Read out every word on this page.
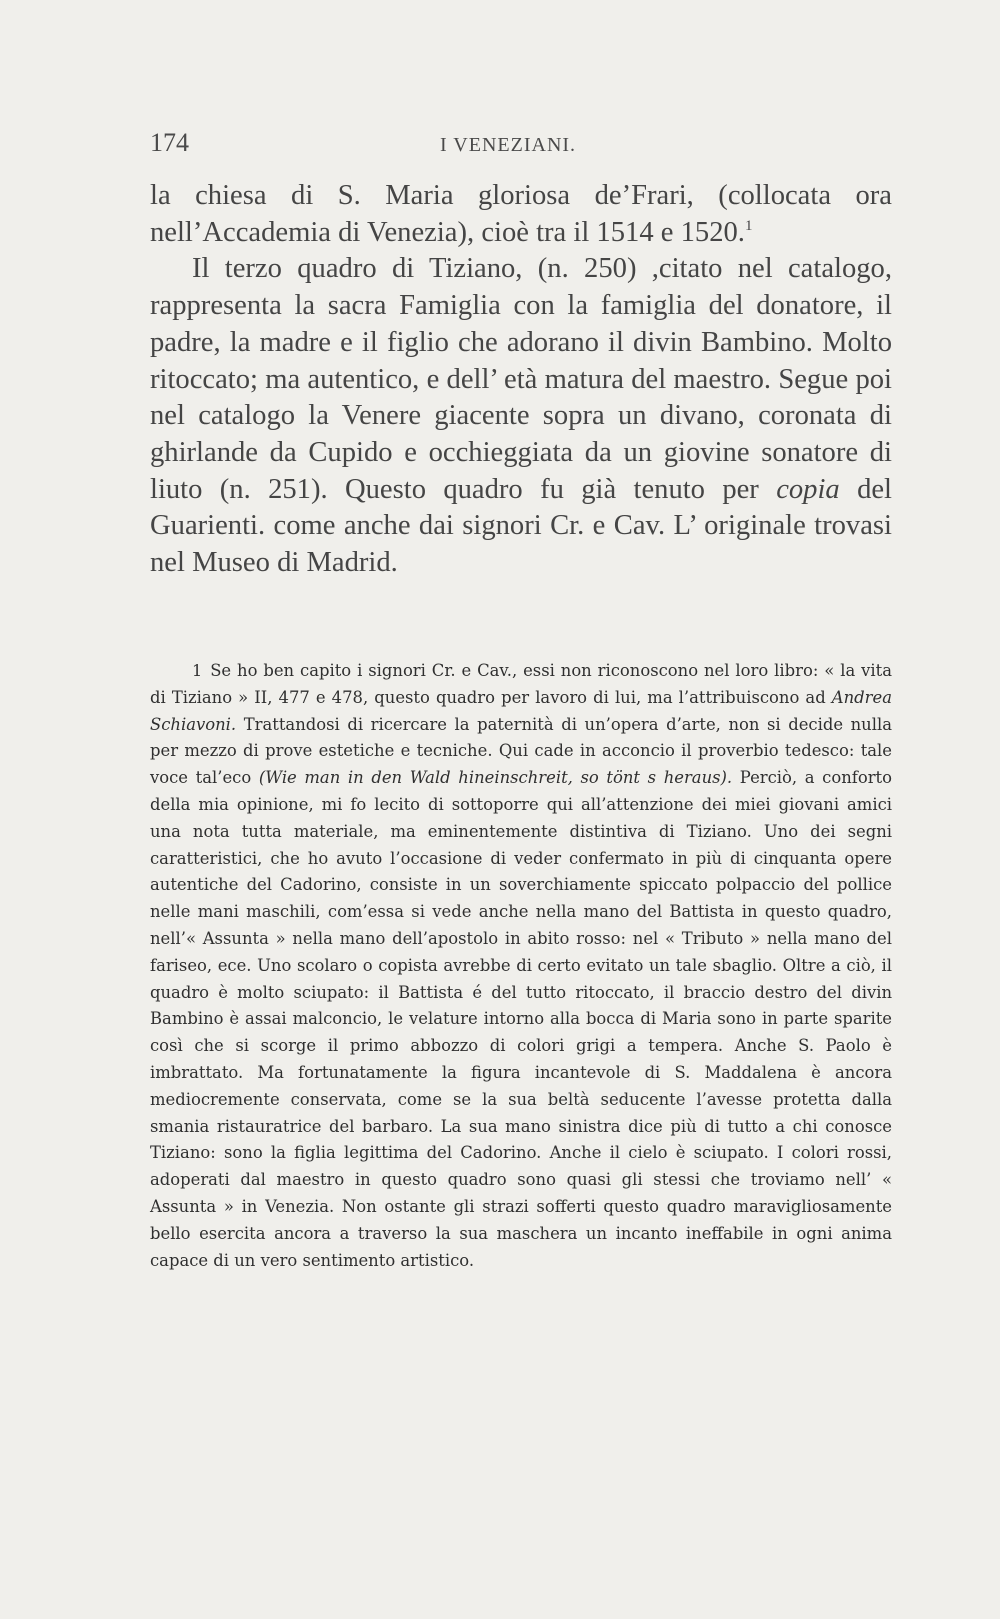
174	I VENEZIANI.

la chiesa di S. Maria gloriosa de’Frari, (collocata ora nell’Accademia di Venezia), cioè tra il 1514 e 1520.$^1$

Il terzo quadro di Tiziano, (n. 250) ,citato nel catalogo, rappresenta la sacra Famiglia con la famiglia del donatore, il padre, la madre e il figlio che adorano il divin Bambino. Molto ritoccato; ma autentico, e dell’ età matura del maestro. Segue poi nel catalogo la Venere giacente sopra un divano, coronata di ghirlande da Cupido e occhieggiata da un giovine sonatore di liuto (n. 251). Questo quadro fu già tenuto per copia del Guarienti. come anche dai signori Cr. e Cav. L’ originale trovasi nel Museo di Madrid.

1 Se ho ben capito i signori Cr. e Cav., essi non riconoscono nel loro libro: « la vita di Tiziano » II, 477 e 478, questo quadro per lavoro di lui, ma l’attribuiscono ad Andrea Schiavoni. Trattandosi di ricercare la paternità di un’opera d’arte, non si decide nulla per mezzo di prove estetiche e tecniche. Qui cade in acconcio il proverbio tedesco: tale voce tal’eco (Wie man in den Wald hineinschreit, so tönt s heraus). Perciò, a conforto della mia opinione, mi fo lecito di sottoporre qui all’attenzione dei miei giovani amici una nota tutta materiale, ma eminentemente distintiva di Tiziano. Uno dei segni caratteristici, che ho avuto l’occasione di veder confermato in più di cinquanta opere autentiche del Cadorino, consiste in un soverchiamente spiccato polpaccio del pollice nelle mani maschili, com’essa si vede anche nella mano del Battista in questo quadro, nell’« Assunta » nella mano dell’apostolo in abito rosso: nel « Tributo » nella mano del fariseo, ece. Uno scolaro o copista avrebbe di certo evitato un tale sbaglio. Oltre a ciò, il quadro è molto sciupato: il Battista é del tutto ritoccato, il braccio destro del divin Bambino è assai malconcio, le velature intorno alla bocca di Maria sono in parte sparite così che si scorge il primo abbozzo di colori grigi a tempera. Anche S. Paolo è imbrattato. Ma fortunatamente la figura incantevole di S. Maddalena è ancora mediocremente conservata, come se la sua beltà seducente l’avesse protetta dalla smania ristauratrice del barbaro. La sua mano sinistra dice più di tutto a chi conosce Tiziano: sono la figlia legittima del Cadorino. Anche il cielo è sciupato. I colori rossi, adoperati dal maestro in questo quadro sono quasi gli stessi che troviamo nell’ « Assunta » in Venezia. Non ostante gli strazi sofferti questo quadro maravigliosamente bello esercita ancora a traverso la sua maschera un incanto ineffabile in ogni anima capace di un vero sentimento artistico.
